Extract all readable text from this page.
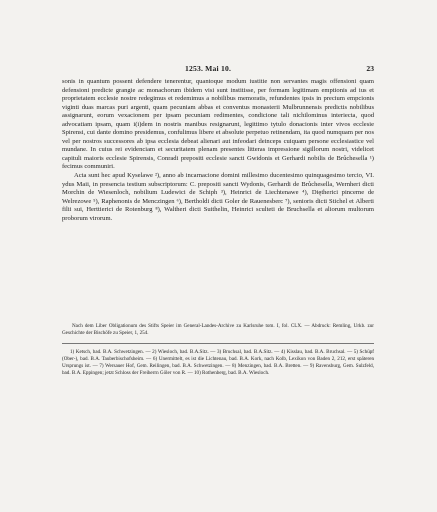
1253. Mai 10.	23

sonis in quantum possent defendere tenerentur, quantoque modum iustitie non servantes magis offensioni quam defensioni predicte grangie ac monachorum ibidem visi sunt institisse, per formam legitimam emptionis ad ius et proprietatem ecclesie nostre redegimus et redemimus a nobilibus memoratis, refundentes ipsis in precium empcionis viginti duas marcas puri argenti, quam pecuniam abbas et conventus monasterii Mulbrunnensis predictis nobilibus assignarunt, eorum vexacionem per ipsam pecuniam redimentes, condicione tali nichilominus interiecta, quod advocatiam ipsam, quam i(i)dem in nostris manibus resignarunt, legittimo tytulo donacionis inter vivos ecclesie Spirensi, cui dante domino presidemus, confulimus libere et absolute perpetuo retinendam, ita quod numquam per nos vel per nostros successores ab ipsa ecclesia debeat alienari aut infeodari deinceps cuiquam persone ecclesiastice vel mundane. In cuius rei evidenciam et securitatem plenam presentes litteras impressione sigillorum nostri, videlicet capituli maioris ecclesie Spirensis, Conradi prepositi ecclesie sancti Gwidonis et Gerhardi nobilis de Brůchesella ¹) fecimus communiri.

Acta sunt hec apud Kyselawe ²), anno ab incarnacione domini millesimo ducentesimo quinquagesimo tercio, VI. ydus Maii, in presencia testium subscriptorum: C. prepositi sancti Wydonis, Gerhardi de Brůchesella, Wernheri dicti Morchin de Wiesenloch, nobilium Ludewici de Schiph ³), Heinrici de Liechtenawe ⁴), Diętherici pincerne de Welrezowe ⁵), Raphenonis de Menczingen ⁶), Bertholdi dicti Goler de Rauenesberc ⁷), senioris dicti Stichel et Alberti filii sui, Herttierici de Rotenburg ⁸), Waltheri dicti Suithelin, Heinrici sculteti de Bruchsella et aliorum multorum proborum virorum.

Nach dem Liber Obligationum des Stifts Speier im General-Landes-Archive zu Karlsruhe tom. I, fol. CLX. — Abdruck: Remling, Urkb. zur Geschichte der Bischöfe zu Speier, 1, 254.

1) Ketsch, bad. B.A. Schwetzingen. — 2) Wiesloch, bad. B.A.Sitz. — 3) Bruchsal, bad. B.A.Sitz. — 4) Kisslau, bad. B.A. Bruchsal. — 5) Schüpf (Ober-), bad. B.A. Tauberbischofsheim. — 6) Unermittelt, es ist die Lichtenau, bad. B.A. Kork, nach Kolb, Lexikon von Baden 2, 212, erst späteren Ursprungs ist. — 7) Wersauer Hof, Gem. Reilingen, bad. B.A. Schwetzingen. — 8) Menzingen, bad. B.A. Bretten. — 9) Ravensburg, Gem. Sulzfeld, bad. B.A. Eppingen; jetzt Schloss der Freiherrn Göler von R. — 10) Rothenberg, bad. B.A. Wiesloch.
